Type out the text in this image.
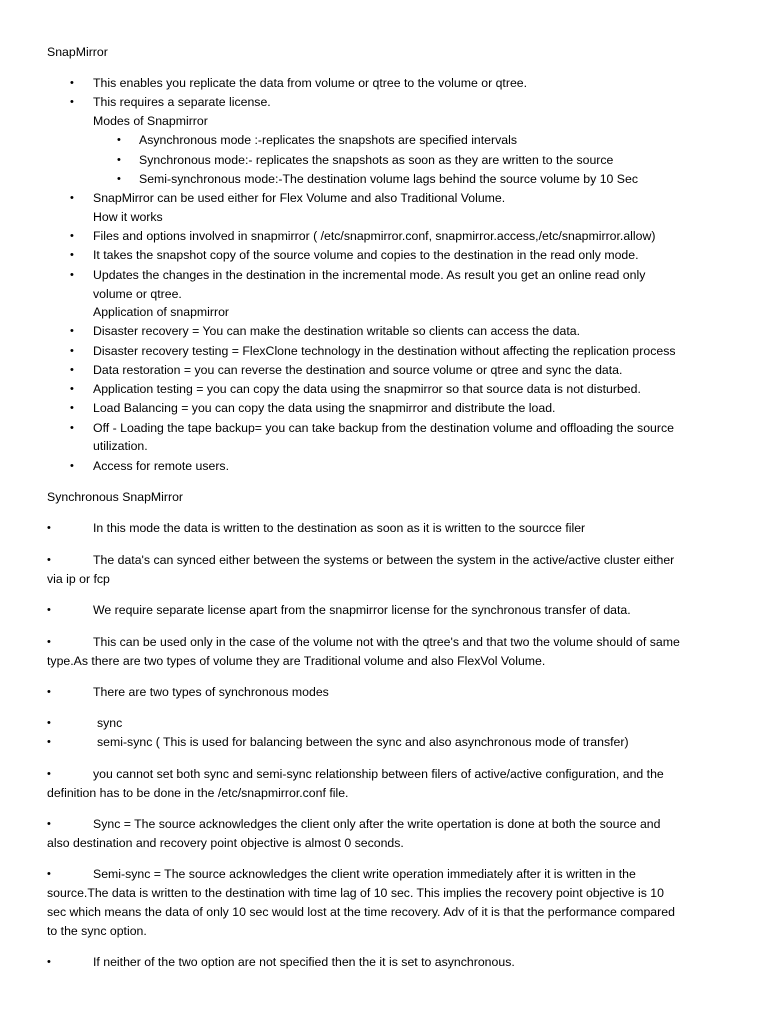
SnapMirror
• This enables you replicate the data from volume or qtree to the volume or qtree.
• This requires a separate license.
Modes of Snapmirror
• Asynchronous mode :-replicates the snapshots are specified intervals
• Synchronous mode:- replicates the snapshots as soon as they are written to the source
• Semi-synchronous mode:-The destination volume lags behind the source volume by 10 Sec
• SnapMirror can be used either for Flex Volume and also Traditional Volume.
How it works
• Files and options involved in snapmirror ( /etc/snapmirror.conf, snapmirror.access,/etc/snapmirror.allow)
• It takes the snapshot copy of the source volume and copies to the destination in the read only mode.
• Updates the changes in the destination in the incremental mode. As result you get an online read only
volume or qtree.
Application of snapmirror
• Disaster recovery = You can make the destination writable so clients can access the data.
• Disaster recovery testing = FlexClone technology in the destination without affecting the replication process
• Data restoration = you can reverse the destination and source volume or qtree and sync the data.
• Application testing = you can copy the data using the snapmirror so that source data is not disturbed.
• Load Balancing = you can copy the data using the snapmirror and distribute the load.
• Off - Loading the tape backup= you can take backup from the destination volume and offloading the source
utilization.
• Access for remote users.
Synchronous SnapMirror
•	In this mode the data is written to the destination as soon as it is written to the sourcce filer
•	The data's can synced either between the systems or between the system in the active/active cluster either
via ip or fcp
•	We require separate license apart from the snapmirror license for the synchronous transfer of data.
•	This can be used only in the case of the volume not with the qtree's and that two the volume should of same
type.As there are two types of volume they are Traditional volume and also FlexVol Volume.
•	There are two types of synchronous modes
•	sync
•	semi-sync ( This is used for balancing between the sync and also asynchronous mode of transfer)
•	you cannot set both sync and semi-sync relationship between filers of active/active configuration, and the
definition has to be done in the /etc/snapmirror.conf file.
•	Sync = The source acknowledges the client only after the write opertation is done at both the source and
also destination and recovery point objective is almost 0 seconds.
•	Semi-sync = The source acknowledges the client write operation immediately after it is written in the
source.The data is written to the destination with time lag of 10 sec. This implies the recovery point objective is 10
sec which means the data of only 10 sec would lost at the time recovery. Adv of it is that the performance compared
to the sync option.
•	If neither of the two option are not specified then the it is set to asynchronous.
